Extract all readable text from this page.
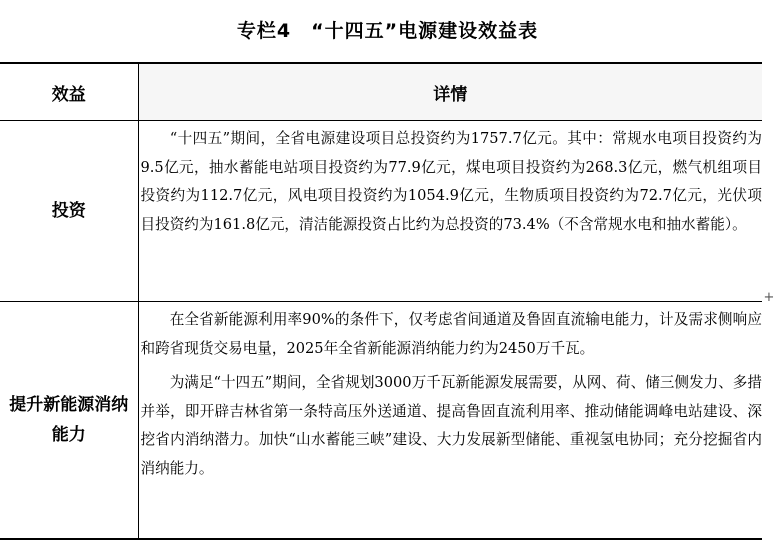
专栏4　“十四五”电源建设效益表
效益	详情
投资	“十四五”期间，全省电源建设项目总投资约为1757.7亿元。其中：常规水电项目投资约为9.5亿元，抽水蓄能电站项目投资约为77.9亿元，煤电项目投资约为268.3亿元，燃气机组项目投资约为112.7亿元，风电项目投资约为1054.9亿元，生物质项目投资约为72.7亿元，光伏项目投资约为161.8亿元，清洁能源投资占比约为总投资的73.4%（不含常规水电和抽水蓄能）。

提升新能源消纳能力	在全省新能源利用率90%的条件下，仅考虑省间通道及鲁固直流输电能力，计及需求侧响应和跨省现货交易电量，2025年全省新能源消纳能力约为2450万千瓦。

为满足“十四五”期间，全省规划3000万千瓦新能源发展需要，从网、荷、储三侧发力、多措并举，即开辟吉林省第一条特高压外送通道、提高鲁固直流利用率、推动储能调峰电站建设、深挖省内消纳潜力。加快“山水蓄能三峡”建设、大力发展新型储能、重视氢电协同；充分挖掘省内消纳能力。

+
